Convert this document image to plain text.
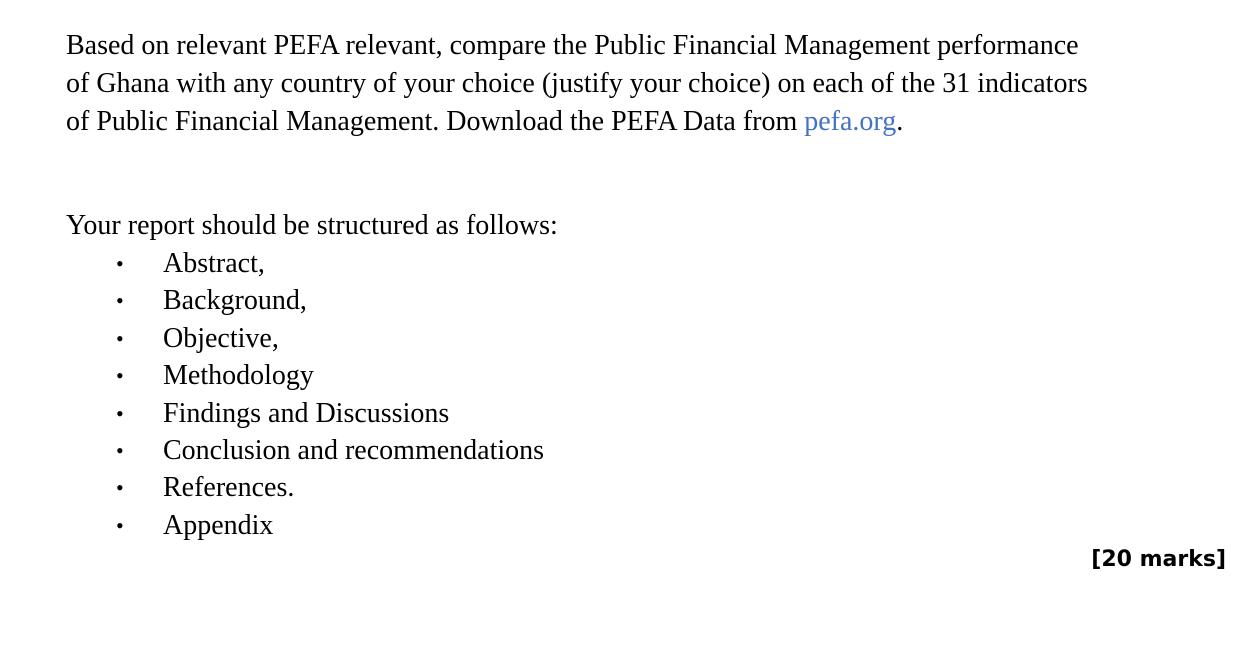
Based on relevant PEFA relevant, compare the Public Financial Management performance
of Ghana with any country of your choice (justify your choice) on each of the 31 indicators
of Public Financial Management. Download the PEFA Data from pefa.org.

Your report should be structured as follows:

• Abstract,
• Background,
• Objective,
• Methodology
• Findings and Discussions
• Conclusion and recommendations
• References.
• Appendix
[20 marks]
